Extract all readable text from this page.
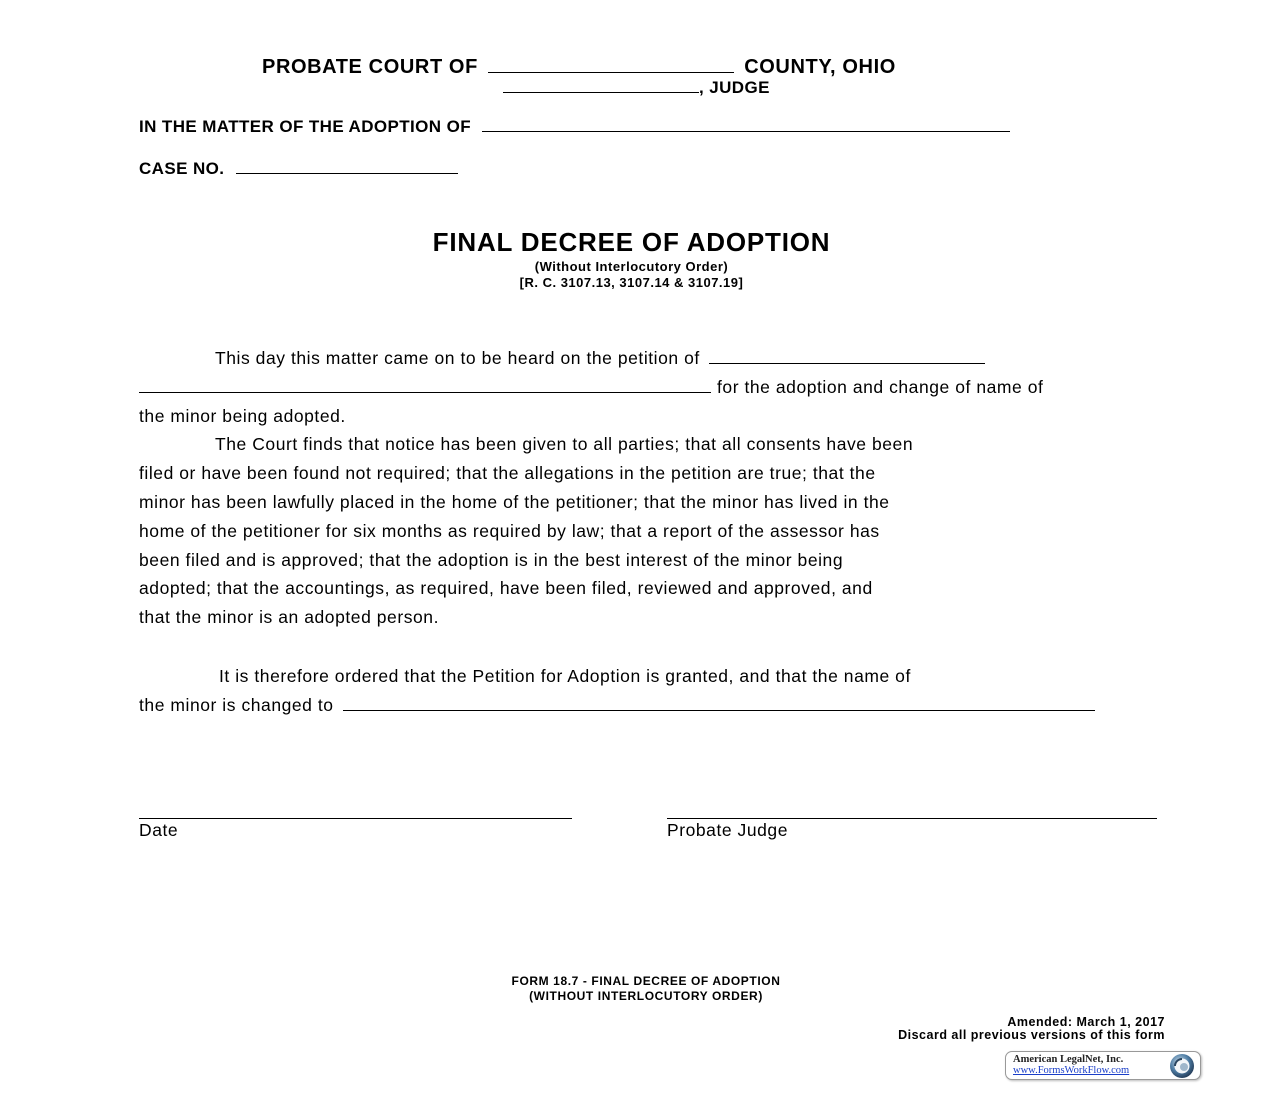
PROBATE COURT OF	COUNTY, OHIO
, JUDGE
IN THE MATTER OF THE ADOPTION OF
CASE NO.
FINAL DECREE OF ADOPTION
(Without Interlocutory Order)
[R. C. 3107.13, 3107.14 & 3107.19]
This day this matter came on to be heard on the petition of
for the adoption and change of name of
the minor being adopted.
The Court finds that notice has been given to all parties; that all consents have been
filed or have been found not required; that the allegations in the petition are true; that the
minor has been lawfully placed in the home of the petitioner; that the minor has lived in the
home of the petitioner for six months as required by law; that a report of the assessor has
been filed and is approved; that the adoption is in the best interest of the minor being
adopted; that the accountings, as required, have been filed, reviewed and approved, and
that the minor is an adopted person.
It is therefore ordered that the Petition for Adoption is granted, and that the name of
the minor is changed to
Date	Probate Judge
FORM 18.7 - FINAL DECREE OF ADOPTION
(WITHOUT INTERLOCUTORY ORDER)
Amended: March 1, 2017
Discard all previous versions of this form
American LegalNet, Inc.
www.FormsWorkFlow.com
